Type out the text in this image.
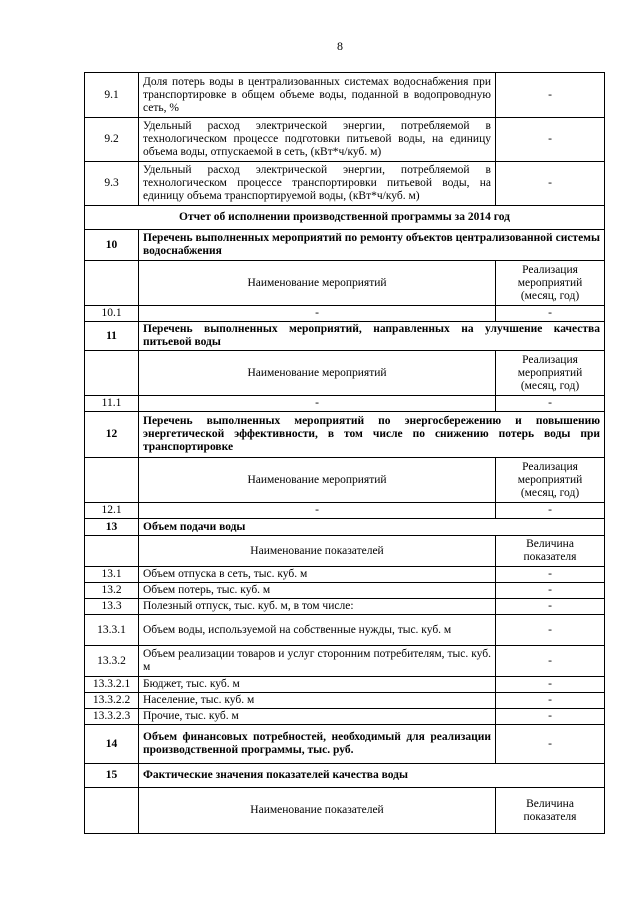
8
9.1	Доля потерь воды в централизованных системах водоснабжения при транспортировке в общем объеме воды, поданной в водопроводную сеть, %	-
9.2	Удельный расход электрической энергии, потребляемой в технологическом процессе подготовки питьевой воды, на единицу объема воды, отпускаемой в сеть, (кВт*ч/куб. м)	-
9.3	Удельный расход электрической энергии, потребляемой в технологическом процессе транспортировки питьевой воды, на единицу объема транспортируемой воды, (кВт*ч/куб. м)	-
Отчет об исполнении производственной программы за 2014 год		
10	Перечень выполненных мероприятий по ремонту объектов централизованной системы водоснабжения	
	Наименование мероприятий	Реализация мероприятий (месяц, год)
10.1	-	-
11	Перечень выполненных мероприятий, направленных на улучшение качества питьевой воды	
	Наименование мероприятий	Реализация мероприятий (месяц, год)
11.1	-	-
12	Перечень выполненных мероприятий по энергосбережению и повышению энергетической эффективности, в том числе по снижению потерь воды при транспортировке	
	Наименование мероприятий	Реализация мероприятий (месяц, год)
12.1	-	-
13	Объем подачи воды	
	Наименование показателей	Величина показателя
13.1	Объем отпуска в сеть, тыс. куб. м	-
13.2	Объем потерь, тыс. куб. м	-
13.3	Полезный отпуск, тыс. куб. м, в том числе:	-
13.3.1	Объем воды, используемой на собственные нужды, тыс. куб. м	-
13.3.2	Объем реализации товаров и услуг сторонним потребителям, тыс. куб. м	-
13.3.2.1	Бюджет, тыс. куб. м	-
13.3.2.2	Население, тыс. куб. м	-
13.3.2.3	Прочие, тыс. куб. м	-
14	Объем финансовых потребностей, необходимый для реализации производственной программы, тыс. руб.	-
15	Фактические значения показателей качества воды	
	Наименование показателей	Величина показателя
